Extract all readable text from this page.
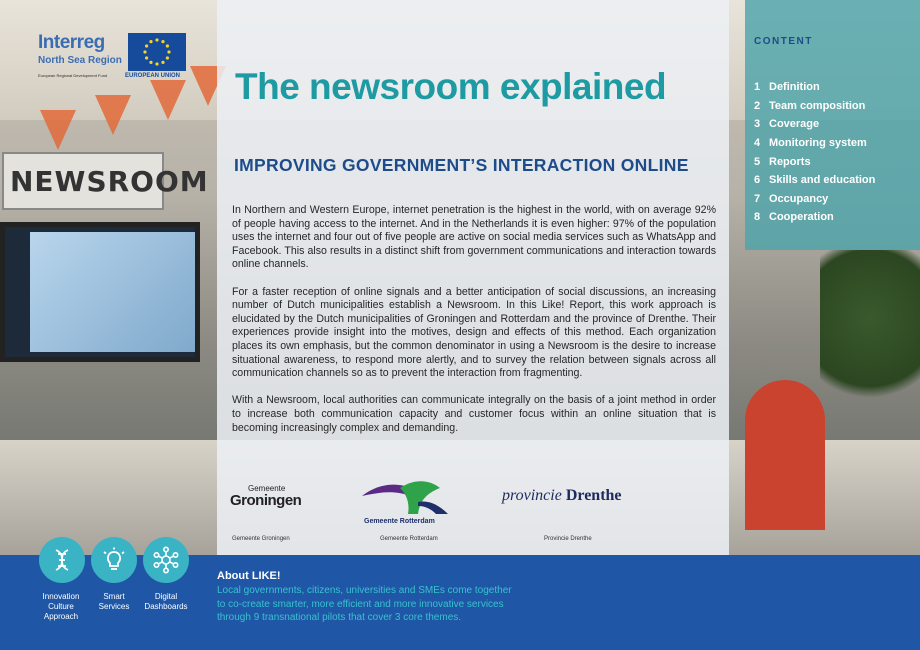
NEWSROOM
Interreg
North Sea Region
European Regional Development Fund	EUROPEAN UNION The newsroom explained
IMPROVING GOVERNMENT’S INTERACTION ONLINE

In Northern and Western Europe, internet penetration is the highest in the world, with on average 92% of people having access to the internet. And in the Netherlands it is even higher: 97% of the population uses the internet and four out of five people are active on social media services such as WhatsApp and Facebook. This also results in a distinct shift from government communications and interaction towards online channels.

For a faster reception of online signals and a better anticipation of social discussions, an increasing number of Dutch municipalities establish a Newsroom. In this Like! Report, this work approach is elucidated by the Dutch municipalities of Groningen and Rotterdam and the province of Drenthe. Their experiences provide insight into the motives, design and effects of this method. Each organization places its own emphasis, but the common denominator in using a Newsroom is the desire to increase situational awareness, to respond more alertly, and to survey the relation between signals across all communication channels so as to prevent the interaction from fragmenting.

With a Newsroom, local authorities can communicate integrally on the basis of a joint method in order to increase both communication capacity and customer focus within an online situation that is becoming increasingly complex and demanding.

Gemeente
Groningen
Gemeente Rotterdam
provincie Drenthe
Gemeente Groningen	Gemeente Rotterdam	Provincie Drenthe
CONTENT
1 Definition
2 Team composition
3 Coverage
4 Monitoring system
5 Reports
6 Skills and education
7 Occupancy
8 Cooperation
Innovation
Culture
Approach
Smart
Services
Digital
Dashboards
About LIKE!
Local governments, citizens, universities and SMEs come together
to co-create smarter, more efficient and more innovative services
through 9 transnational pilots that cover 3 core themes.
